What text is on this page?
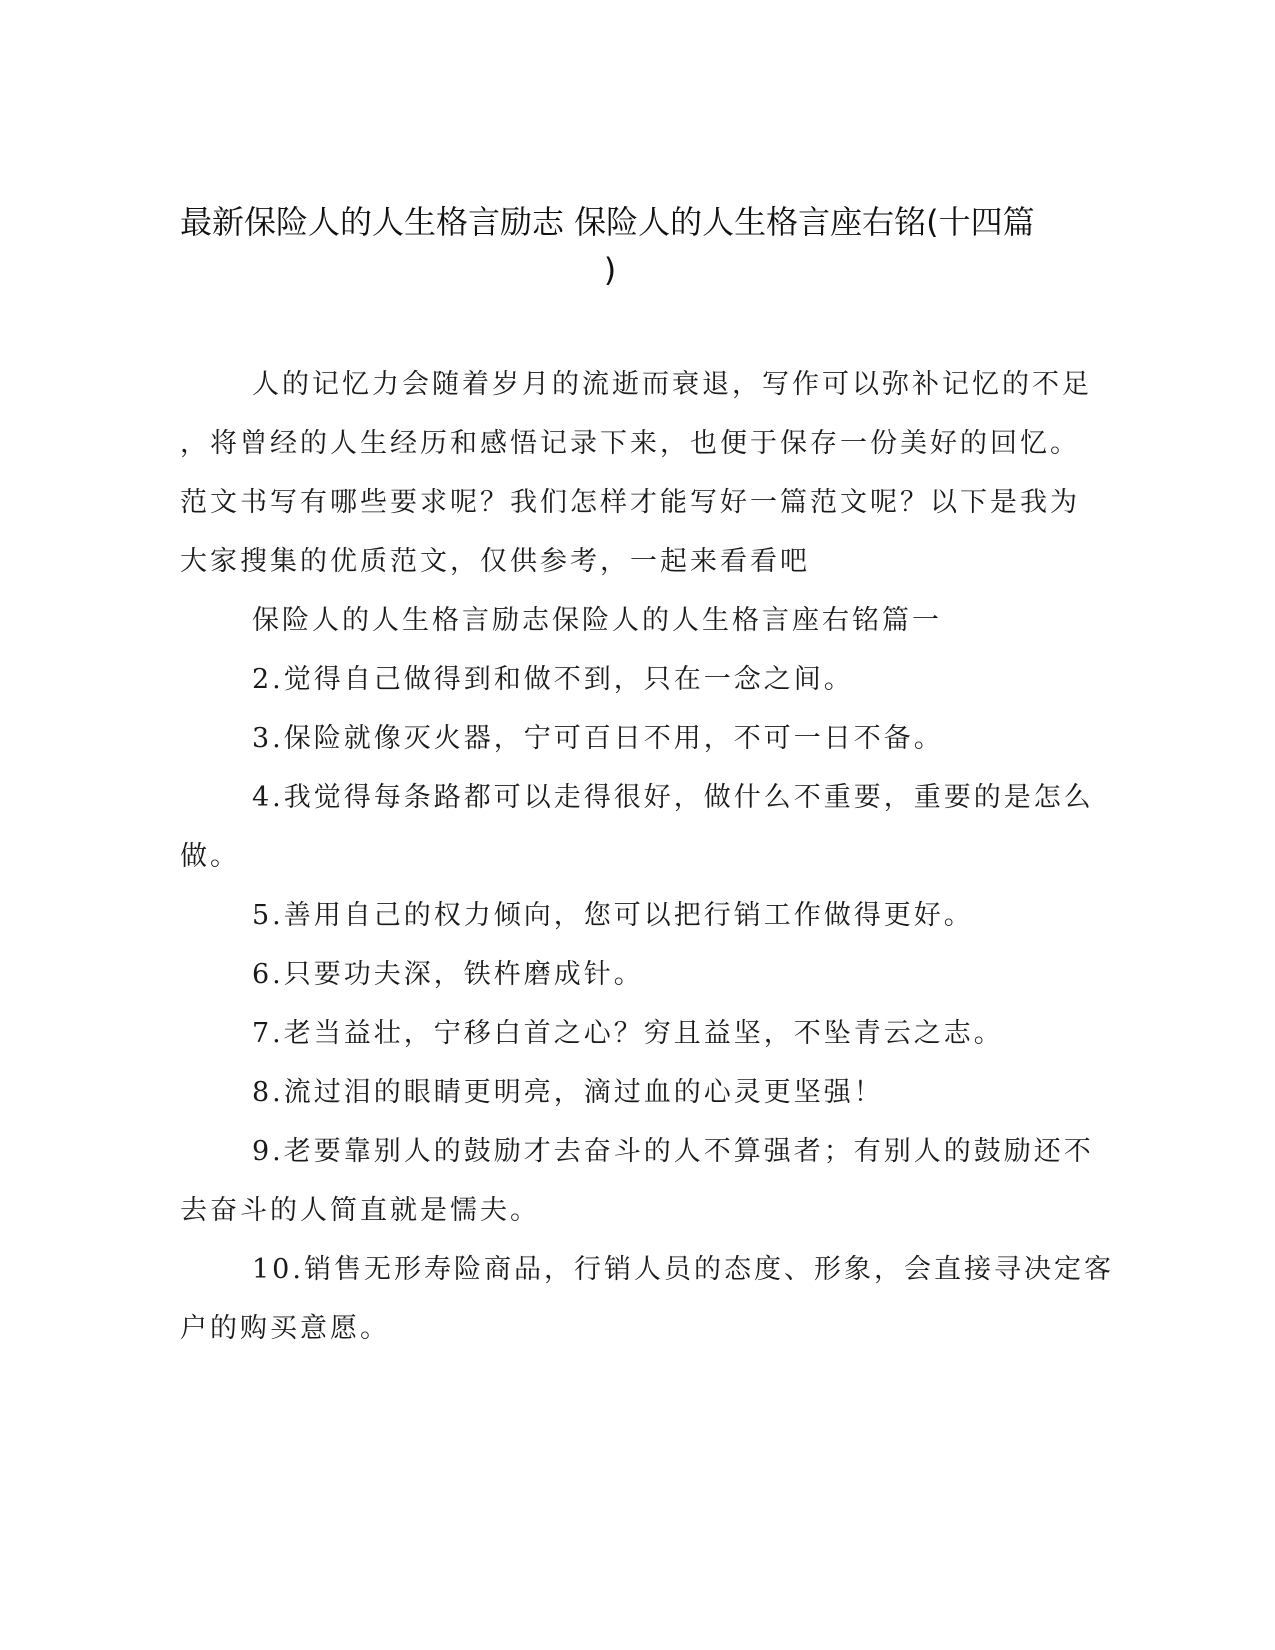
最新保险人的人生格言励志 保险人的人生格言座右铭(十四篇
)

人的记忆力会随着岁月的流逝而衰退，写作可以弥补记忆的不足
，将曾经的人生经历和感悟记录下来，也便于保存一份美好的回忆。
范文书写有哪些要求呢？我们怎样才能写好一篇范文呢？以下是我为
大家搜集的优质范文，仅供参考，一起来看看吧

保险人的人生格言励志保险人的人生格言座右铭篇一

2.觉得自己做得到和做不到，只在一念之间。

3.保险就像灭火器，宁可百日不用，不可一日不备。

4.我觉得每条路都可以走得很好，做什么不重要，重要的是怎么
做。

5.善用自己的权力倾向，您可以把行销工作做得更好。

6.只要功夫深，铁杵磨成针。

7.老当益壮，宁移白首之心？穷且益坚，不坠青云之志。

8.流过泪的眼睛更明亮，滴过血的心灵更坚强！

9.老要靠别人的鼓励才去奋斗的人不算强者；有别人的鼓励还不
去奋斗的人简直就是懦夫。

10.销售无形寿险商品，行销人员的态度、形象，会直接寻决定客
户的购买意愿。
